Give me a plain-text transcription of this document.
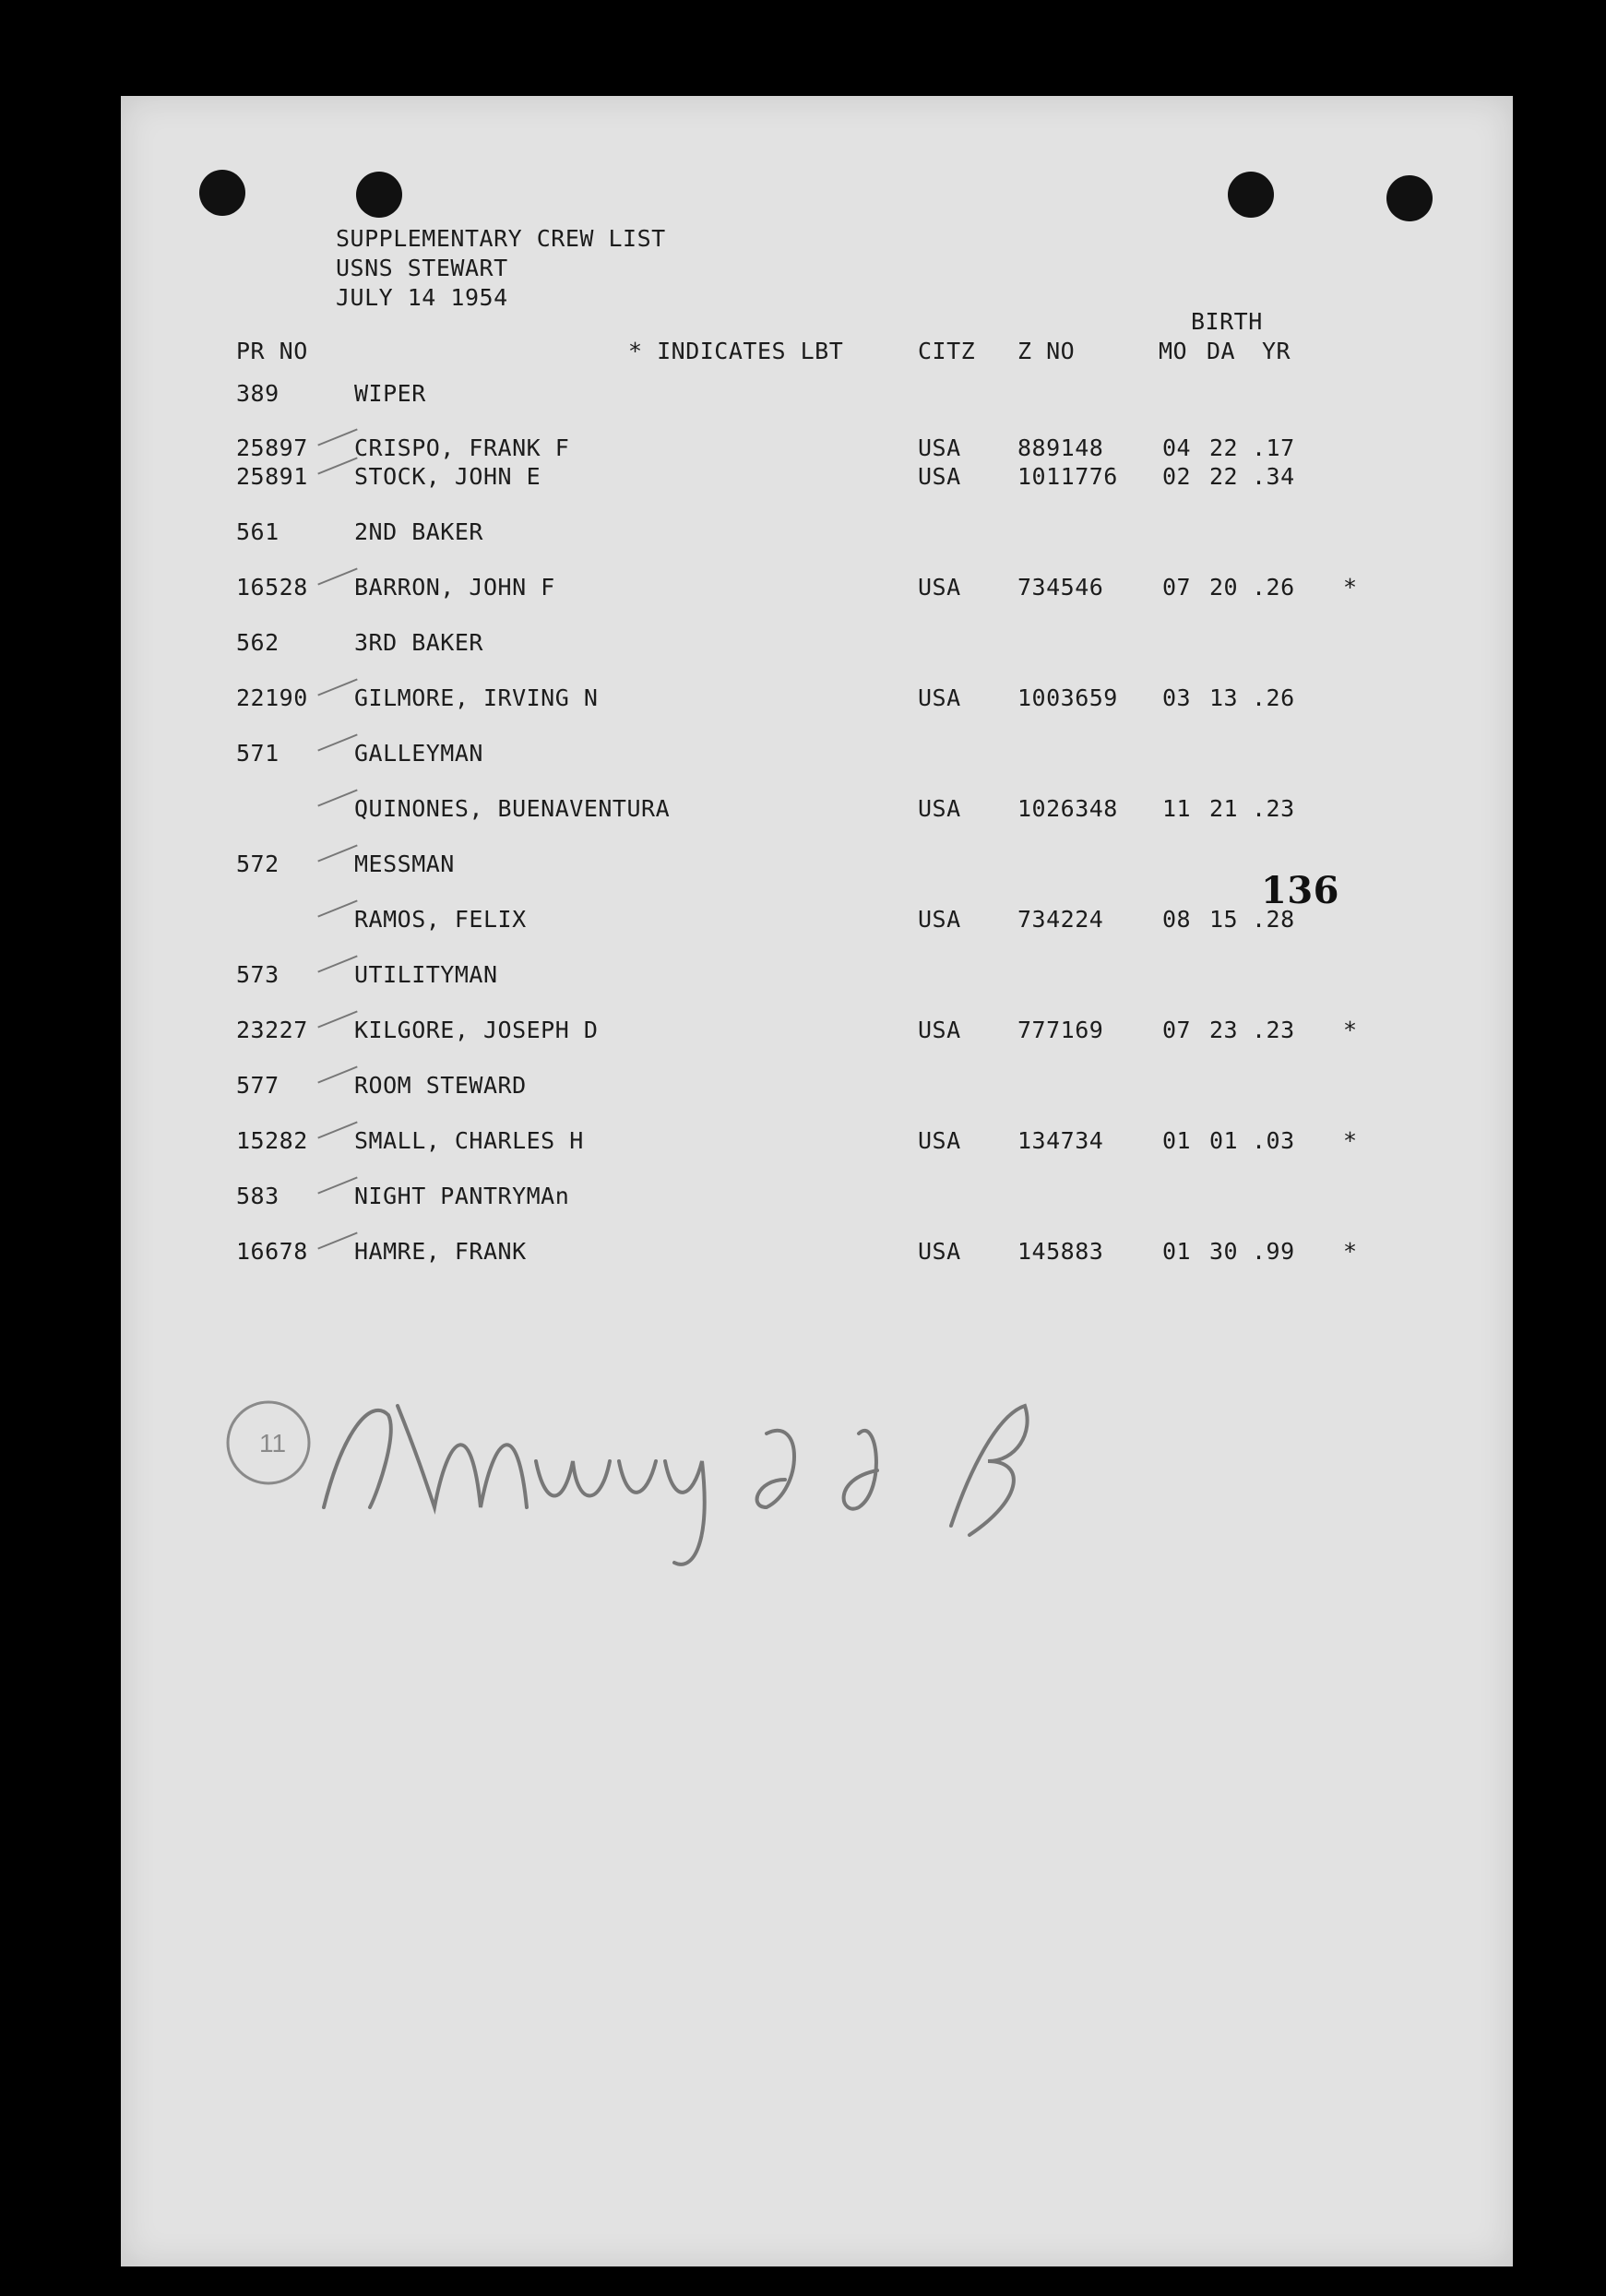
SUPPLEMENTARY CREW LIST
USNS STEWART
JULY 14 1954
BIRTH
PR NO	* INDICATES LBT	CITZ Z NO	MO DA YR
389	WIPER
25897 CRISPO, FRANK F	USA 889148	04 22 .17
25891 STOCK, JOHN E	USA 1011776 02 22 .34
561	2ND BAKER
16528 BARRON, JOHN F	USA 734546	07 20 .26 *
562	3RD BAKER
22190 GILMORE, IRVING N	USA 1003659 03 13 .26
571	GALLEYMAN
QUINONES, BUENAVENTURA	USA 1026348 11 21 .23
572	MESSMAN
RAMOS, FELIX	USA 734224	08 15 .28
573	UTILITYMAN
23227 KILGORE, JOSEPH D	USA 777169	07 23 .23 *
577	ROOM STEWARD
15282 SMALL, CHARLES H	USA 134734	01 01 .03 *
583	NIGHT PANTRYMAn
16678 HAMRE, FRANK	USA 145883	01 30 .99 *
136
11
